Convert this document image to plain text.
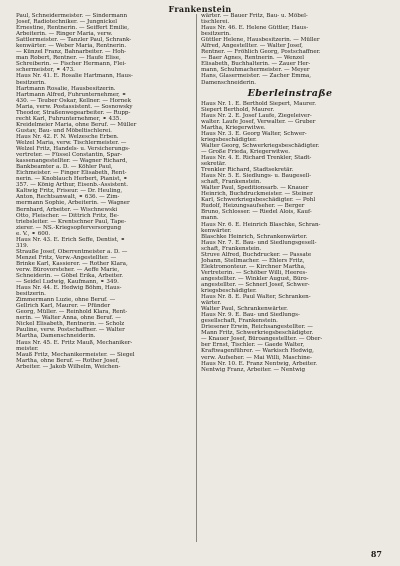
Frankenstein
Paul, Schneidermeister. — Sindermann
Josef, Radiotechniker. — Jungnickel
Ernestine, Rentnerin. — Seiffert Emilie,
Arbeiterin. — Ringer Maria, verw.
Sattlermeister. — Tanzler Paul, Schrank-
kenwärter. — Weber Maria, Rentnerin.
— Künzel Franz, Bahnarbeiter. — Hoh-
man Robert, Rentner. — Haufe Elise,
Schreiberin. — Fischer Hermann, Flei-
schermeister, ⚭ 473.
Haus Nr. 41. E. Rosalie Hartmann, Haus-
besitzerin.
Hartmann Rosalie, Hausbesitzerin.
Hartmann Alfred, Fuhrunternehmer, ⚭
430. — Teuber Oskar, Kellner. — Hornek
Maria, verw. Postassistent. — Sosnowsky
Theodor, Straßenwegearbeiter. — Rupp-
recht Karl, Fuhrunternehmer, ⚭ 435.
Kreidelmeier Maria, ohne Beruf. — Müller
Gustav, Bau- und Möbeltischlerei.
Haus Nr. 42. F. N. Welzesche Erben.
Welzel Maria, verw. Tischlermeister. —
Welzel Fritz, Handels- u. Versicherungs-
vertreter. — Füssel Constantin, Spar-
kassenangestellter. — Wagner Richard,
Bankbeamter a. D. — Köhler Paul,
Eichmeister. — Finger Elisabeth, Rent-
nerin. — Knoblauch Herbert, Pianist, ⚭
357. — König Arthur, Eisenb.-Assistent.
Kaltwig Fritz, Friseur. — Dr. Heuling,
Anton, Rechtsanwalt, ⚭ 636. — Zim-
mermann Sophie, Arbeiterin. — Wagner
Bernhard, Arbeiter. — Wischnewski
Otto, Fleischer. — Dittrich Fritz, Be-
triebsleiter. — Krentschner Paul, Tape-
zierer. — NS.-Kriegsopferversorgung
e. V., ⚭ 600.
Haus Nr. 43. E. Erich Seffe, Dentist, ⚭
319.
Strauße Josef, Oberrentmeister a. D. —
Menzel Fritz, Verw.-Angestellter. —
Brinke Karl, Kassierer. — Rother Klara,
verw. Bürovorsteher. — Aeffe Marie,
Schneiderin. — Göbel Erika, Arbeiter.
— Seidel Ludwig, Kaufmann, ⚭ 349.
Haus Nr. 44. E. Hedwig Böhm, Haus-
besitzerin.
Zimmermann Luzie, ohne Beruf. —
Gellrich Karl, Maurer. — Pfünder
Georg, Müller. — Reinhold Klara, Rent-
nerin. — Walter Anna, ohne Beruf. —
Nickel Elisabeth, Rentnerin. — Scholz
Pauline, verw. Postschaffner. — Walter
Martha, Damenschneiderin.
Haus Nr. 45. E. Fritz Mauß, Mechaniker-
meister.
Mauß Fritz, Mechanikermeister. — Siegel
Martha, ohne Beruf. — Rother Josef,
Arbeiter. — Jakob Wilhelm, Weichen-
wärter. — Bauer Fritz, Bau- u. Möbel-
tischlerei.
Haus Nr. 46. E. Helene Güttler, Haus-
besitzerin.
Güttler Helene, Hausbesitzerin. — Müller
Alfred, Angestellter. — Walter Josef,
Rentner. — Fröhlich Georg, Postschaffner.
— Baer Agnes, Rentnerin. — Wenzel
Elisabeth, Buchhalterin. — Zauer Her-
mann, Schuhmachermeister. — Meyer
Hans, Glasermeister. — Zacher Emma,
Damenschneiderin.
Eberleinstraße
Haus Nr. 1. E. Berthold Siepert, Maurer.
Siepert Berthold, Maurer.
Haus Nr. 2. E. Josef Laufe, Ziegeleiver-
walter. Laufe Josef, Verwalter. — Gruber
Martha, Kriegerwitwe.
Haus Nr. 3. E. Georg Walter, Schwer-
kriegsbeschädigter.
Walter Georg, Schwerkriegsbeschädigter.
— Große Frieda, Kriegerwitwe.
Haus Nr. 4. E. Richard Trenkler, Stadt-
sekretär.
Trenkler Richard, Stadtsekretär.
Haus Nr. 5. E. Siedlungs- u. Baugesell-
schaft, Frankenstein.
Walter Paul, Speditionsarb. — Knauer
Heinrich, Buchdruckmeister. — Steiner
Karl, Schwerkriegsbeschädigter. — Pohl
Rudolf, Heizungsaufseher. — Berger
Bruno, Schlosser. — Riedel Alois, Kauf-
mann.
Haus Nr. 6. E. Heinrich Blaschke, Schran-
kenwärter.
Blaschke Heinrich, Schrankenwärter.
Haus Nr. 7. E. Bau- und Siedlungsgesell-
schaft, Frankenstein.
Struve Alfred, Buchdrucker. — Passate
Johann, Stellmacher. — Ehlers Fritz,
Elektromonteur. — Kirchner Martha,
Vertreterin. — Schöber Willi, Heeres-
angestellter. — Winkler August, Büro-
angestellter. — Schnerl Josef, Schwer-
kriegsbeschädigter.
Haus Nr. 8. E. Paul Walter, Schranken-
wärter.
Walter Paul, Schrankenwärter.
Haus Nr. 9. E. Bau- und Siedlungs-
gesellschaft, Frankenstein.
Driesener Erwin, Reichsangestellter. —
Mann Fritz, Schwerkriegsbeschädigter.
— Knauer Josef, Büroangestellter. — Ober-
ber Ernst, Tischler. — Gaede Walter,
Kraftwagenführer. — Warkisch Hedwig,
verw. Aufseher. — Mai Willi, Maschine-
Haus Nr. 10. E. Franz Nentwig, Arbeiter.
Nentwig Franz, Arbeiter. — Nentwig
87
